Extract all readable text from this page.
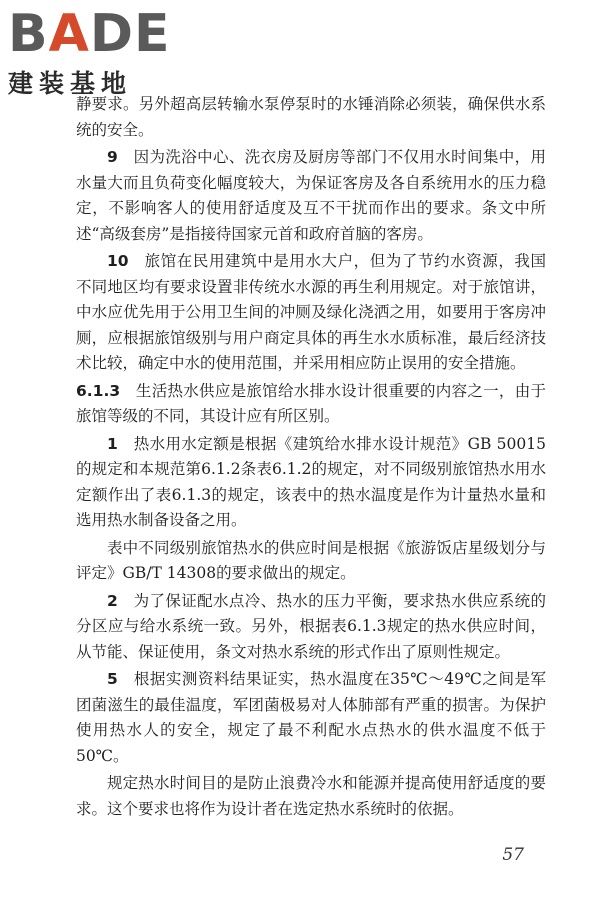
BADE
建装基地

静要求。另外超高层转输水泵停泵时的水锤消除必须装，确保供水系统的安全。

9  因为洗浴中心、洗衣房及厨房等部门不仅用水时间集中，用水量大而且负荷变化幅度较大，为保证客房及各自系统用水的压力稳定，不影响客人的使用舒适度及互不干扰而作出的要求。条文中所述“高级套房”是指接待国家元首和政府首脑的客房。

10  旅馆在民用建筑中是用水大户，但为了节约水资源，我国不同地区均有要求设置非传统水水源的再生利用规定。对于旅馆讲，中水应优先用于公用卫生间的冲厕及绿化浇洒之用，如要用于客房冲厕，应根据旅馆级别与用户商定具体的再生水水质标准，最后经济技术比较，确定中水的使用范围，并采用相应防止误用的安全措施。

6.1.3  生活热水供应是旅馆给水排水设计很重要的内容之一，由于旅馆等级的不同，其设计应有所区别。

1  热水用水定额是根据《建筑给水排水设计规范》GB 50015的规定和本规范第6.1.2条表6.1.2的规定，对不同级别旅馆热水用水定额作出了表6.1.3的规定，该表中的热水温度是作为计量热水量和选用热水制备设备之用。

表中不同级别旅馆热水的供应时间是根据《旅游饭店星级划分与评定》GB/T 14308的要求做出的规定。

2  为了保证配水点冷、热水的压力平衡，要求热水供应系统的分区应与给水系统一致。另外，根据表6.1.3规定的热水供应时间，从节能、保证使用，条文对热水系统的形式作出了原则性规定。

5  根据实测资料结果证实，热水温度在35℃～49℃之间是军团菌滋生的最佳温度，军团菌极易对人体肺部有严重的损害。为保护使用热水人的安全，规定了最不利配水点热水的供水温度不低于50℃。

规定热水时间目的是防止浪费冷水和能源并提高使用舒适度的要求。这个要求也将作为设计者在选定热水系统时的依据。

57
